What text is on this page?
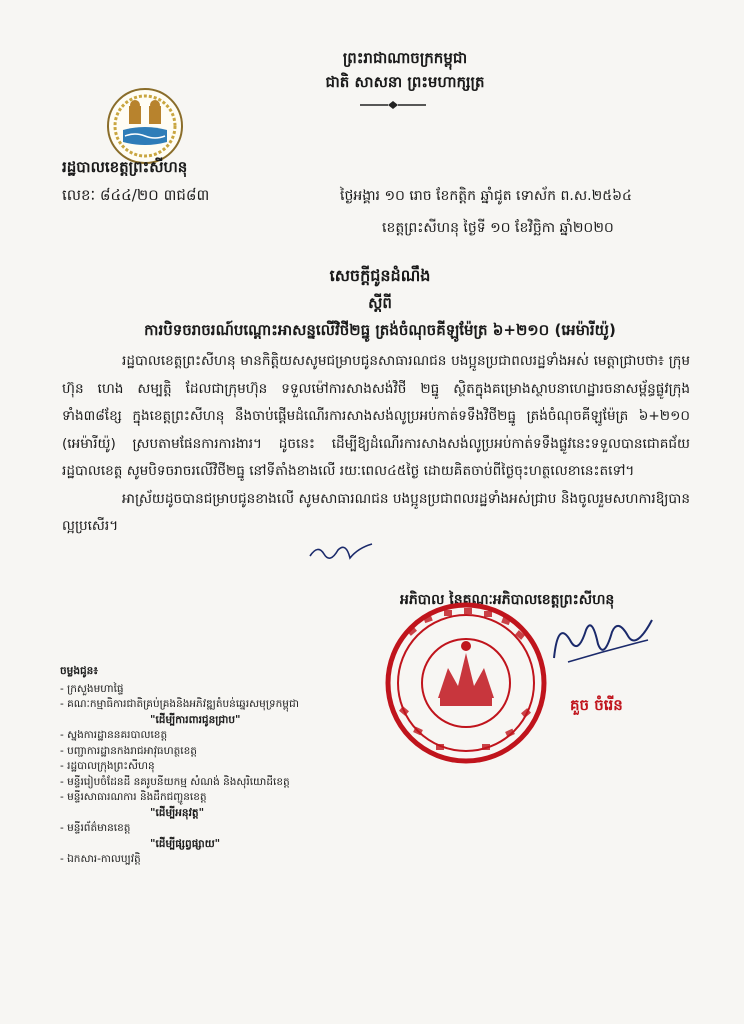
ព្រះរាជាណាចក្រកម្ពុជា
ជាតិ សាសនា ព្រះមហាក្សត្រ
រដ្ឋបាលខេត្តព្រះសីហនុ
លេខៈ ៨៤៤/២០ ៣ជ៨៣	ថ្ងៃអង្គារ ១០ រោច ខែកត្តិក ឆ្នាំជូត ទោស័ក ព.ស.២៥៦៤
ខេត្តព្រះសីហនុ ថ្ងៃទី ១០ ខែវិច្ឆិកា ឆ្នាំ២០២០
សេចក្តីជូនដំណឹង
ស្តីពី
ការបិទចរាចរណ៍បណ្តោះអាសន្នលើវិថី២ធ្នូ ត្រង់ចំណុចគីឡូម៉ែត្រ ៦+២១០ (អេម៉ារីយ៉ូ)

រដ្ឋបាលខេត្តព្រះសីហនុ មានកិត្តិយសសូមជម្រាបជូនសាធារណជន បងប្អូនប្រជាពលរដ្ឋទាំងអស់ មេត្តាជ្រាបថា៖ ក្រុមហ៊ុន ហេង សម្បត្តិ ដែលជាក្រុមហ៊ុន ទទួលម៉ៅការសាងសង់វិថី ២ធ្នូ ស្ថិតក្នុងគម្រោងស្ថាបនាហេដ្ឋារចនាសម្ព័ន្ធផ្លូវក្រុង ទាំង៣៨ខ្សែ ក្នុងខេត្តព្រះសីហនុ នឹងចាប់ផ្តើមដំណើរការសាងសង់លូប្រអប់កាត់ទទឹងវិថី២ធ្នូ ត្រង់ចំណុចគីឡូម៉ែត្រ ៦+២១០ (អេម៉ារីយ៉ូ) ស្របតាមផែនការការងារ។ ដូចនេះ ដើម្បីឱ្យដំណើរការសាងសង់លូប្រអប់កាត់ទទឹងផ្លូវនេះទទួលបានជោគជ័យ រដ្ឋបាលខេត្ត សូមបិទចរាចរលើវិថី២ធ្នូ នៅទីតាំងខាងលើ រយៈពេល៤៥ថ្ងៃ ដោយគិតចាប់ពីថ្ងៃចុះហត្ថលេខានេះតទៅ។

អាស្រ័យដូចបានជម្រាបជូនខាងលើ សូមសាធារណជន បងប្អូនប្រជាពលរដ្ឋទាំងអស់ជ្រាប និងចូលរួមសហការឱ្យបានល្អប្រសើរ។

អភិបាល នៃគណៈអភិបាលខេត្តព្រះសីហនុ
គួច ចំរើន
ចម្លងជូន៖
- ក្រសួងមហាផ្ទៃ
- គណៈកម្មាធិការជាតិគ្រប់គ្រងនិងអភិវឌ្ឍតំបន់ឆ្នេរសមុទ្រកម្ពុជា
"ដើម្បីការពារជូនជ្រាប"
- ស្នងការដ្ឋាននគរបាលខេត្ត
- បញ្ជាការដ្ឋានកងរាជអាវុធហត្ថខេត្ត
- រដ្ឋបាលក្រុងព្រះសីហនុ
- មន្ទីររៀបចំដែនដី នគរូបនីយកម្ម សំណង់ និងសុរិយោដីខេត្ត
- មន្ទីរសាធារណការ និងដឹកជញ្ជូនខេត្ត
"ដើម្បីអនុវត្ត"
- មន្ទីរព័ត៌មានខេត្ត
"ដើម្បីផ្សព្វផ្សាយ"
- ឯកសារ-កាលប្បវត្តិ
